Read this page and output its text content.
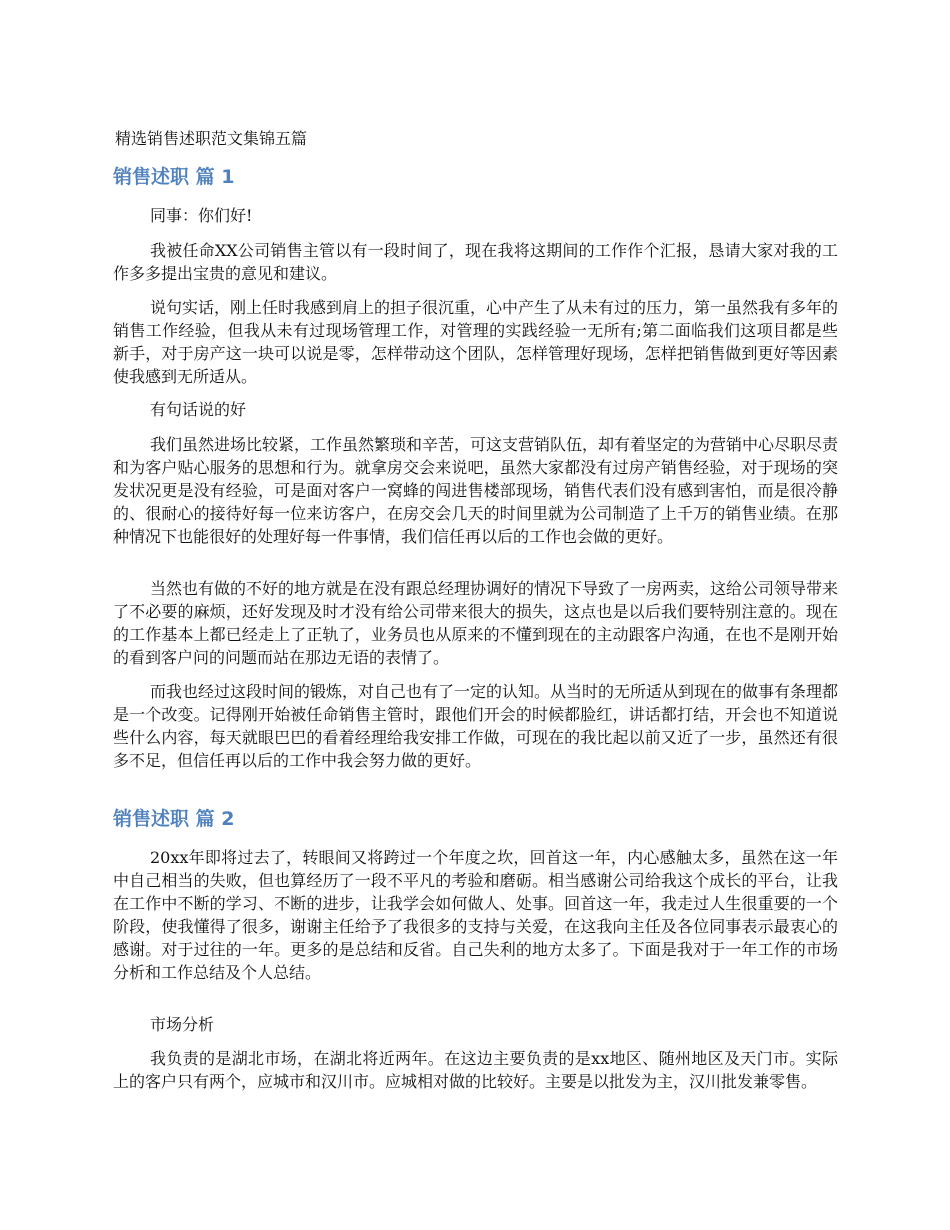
精选销售述职范文集锦五篇
销售述职 篇 1

同事：你们好!

我被任命XX公司销售主管以有一段时间了，现在我将这期间的工作作个汇报，恳请大家对我的工作多多提出宝贵的意见和建议。

说句实话，刚上任时我感到肩上的担子很沉重，心中产生了从未有过的压力，第一虽然我有多年的销售工作经验，但我从未有过现场管理工作，对管理的实践经验一无所有;第二面临我们这项目都是些新手，对于房产这一块可以说是零，怎样带动这个团队，怎样管理好现场，怎样把销售做到更好等因素使我感到无所适从。

有句话说的好

我们虽然进场比较紧，工作虽然繁琐和辛苦，可这支营销队伍，却有着坚定的为营销中心尽职尽责和为客户贴心服务的思想和行为。就拿房交会来说吧，虽然大家都没有过房产销售经验，对于现场的突发状况更是没有经验，可是面对客户一窝蜂的闯进售楼部现场，销售代表们没有感到害怕，而是很冷静的、很耐心的接待好每一位来访客户，在房交会几天的时间里就为公司制造了上千万的销售业绩。在那种情况下也能很好的处理好每一件事情，我们信任再以后的工作也会做的更好。

当然也有做的不好的地方就是在没有跟总经理协调好的情况下导致了一房两卖，这给公司领导带来了不必要的麻烦，还好发现及时才没有给公司带来很大的损失，这点也是以后我们要特别注意的。现在的工作基本上都已经走上了正轨了，业务员也从原来的不懂到现在的主动跟客户沟通，在也不是刚开始的看到客户问的问题而站在那边无语的表情了。

而我也经过这段时间的锻炼，对自己也有了一定的认知。从当时的无所适从到现在的做事有条理都是一个改变。记得刚开始被任命销售主管时，跟他们开会的时候都脸红，讲话都打结，开会也不知道说些什么内容，每天就眼巴巴的看着经理给我安排工作做，可现在的我比起以前又近了一步，虽然还有很多不足，但信任再以后的工作中我会努力做的更好。

销售述职 篇 2

20xx年即将过去了，转眼间又将跨过一个年度之坎，回首这一年，内心感触太多，虽然在这一年中自己相当的失败，但也算经历了一段不平凡的考验和磨砺。相当感谢公司给我这个成长的平台，让我在工作中不断的学习、不断的进步，让我学会如何做人、处事。回首这一年，我走过人生很重要的一个阶段，使我懂得了很多，谢谢主任给予了我很多的支持与关爱，在这我向主任及各位同事表示最衷心的感谢。对于过往的一年。更多的是总结和反省。自己失利的地方太多了。下面是我对于一年工作的市场分析和工作总结及个人总结。

市场分析

我负责的是湖北市场，在湖北将近两年。在这边主要负责的是xx地区、随州地区及天门市。实际上的客户只有两个，应城市和汉川市。应城相对做的比较好。主要是以批发为主，汉川批发兼零售。
